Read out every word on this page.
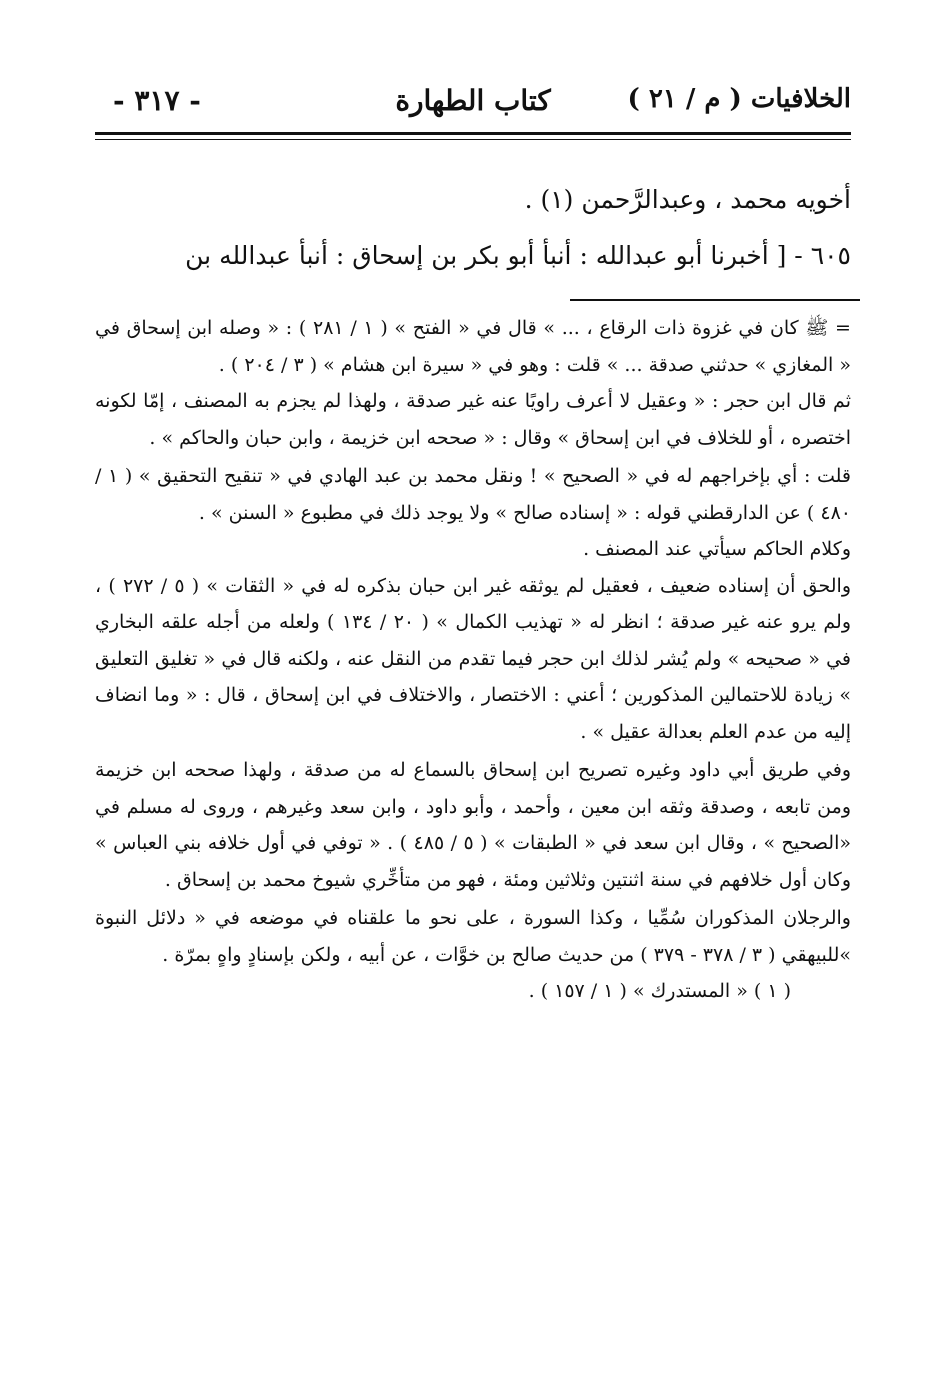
- ٣١٧ -	كتاب الطهارة	الخلافيات ( م / ٢١ )

أخويه محمد ، وعبدالرَّحمن (١) .

٦٠٥ - [ أخبرنا أبو عبدالله : أنبأ أبو بكر بن إسحاق : أنبأ عبدالله بن

= ﷺ كان في غزوة ذات الرقاع ، ... » قال في « الفتح » ( ١ / ٢٨١ ) : « وصله ابن إسحاق في « المغازي » حدثني صدقة ... » قلت : وهو في « سيرة ابن هشام » ( ٣ / ٢٠٤ ) .

ثم قال ابن حجر : « وعقيل لا أعرف راويًا عنه غير صدقة ، ولهذا لم يجزم به المصنف ، إمّا لكونه اختصره ، أو للخلاف في ابن إسحاق » وقال : « صححه ابن خزيمة ، وابن حبان والحاكم » .

قلت : أي بإخراجهم له في « الصحيح » ! ونقل محمد بن عبد الهادي في « تنقيح التحقيق » ( ١ / ٤٨٠ ) عن الدارقطني قوله : « إسناده صالح » ولا يوجد ذلك في مطبوع « السنن » .

وكلام الحاكم سيأتي عند المصنف .

والحق أن إسناده ضعيف ، فعقيل لم يوثقه غير ابن حبان بذكره له في « الثقات » ( ٥ / ٢٧٢ ) ، ولم يرو عنه غير صدقة ؛ انظر له « تهذيب الكمال » ( ٢٠ / ١٣٤ ) ولعله من أجله علقه البخاري في « صحيحه » ولم يُشر لذلك ابن حجر فيما تقدم من النقل عنه ، ولكنه قال في « تغليق التعليق » زيادة للاحتمالين المذكورين ؛ أعني : الاختصار ، والاختلاف في ابن إسحاق ، قال : « وما انضاف إليه من عدم العلم بعدالة عقيل » .

وفي طريق أبي داود وغيره تصريح ابن إسحاق بالسماع له من صدقة ، ولهذا صححه ابن خزيمة ومن تابعه ، وصدقة وثقه ابن معين ، وأحمد ، وأبو داود ، وابن سعد وغيرهم ، وروى له مسلم في «الصحيح » ، وقال ابن سعد في « الطبقات » ( ٥ / ٤٨٥ ) . « توفي في أول خلافه بني العباس » وكان أول خلافهم في سنة اثنتين وثلاثين ومئة ، فهو من متأخِّري شيوخ محمد بن إسحاق .

والرجلان المذكوران سُمِّيا ، وكذا السورة ، على نحو ما علقناه في موضعه في « دلائل النبوة »للبيهقي ( ٣ / ٣٧٨ - ٣٧٩ ) من حديث صالح بن خوَّات ، عن أبيه ، ولكن بإسنادٍ واهٍ بمرّة .

( ١ ) « المستدرك » ( ١ / ١٥٧ ) .
